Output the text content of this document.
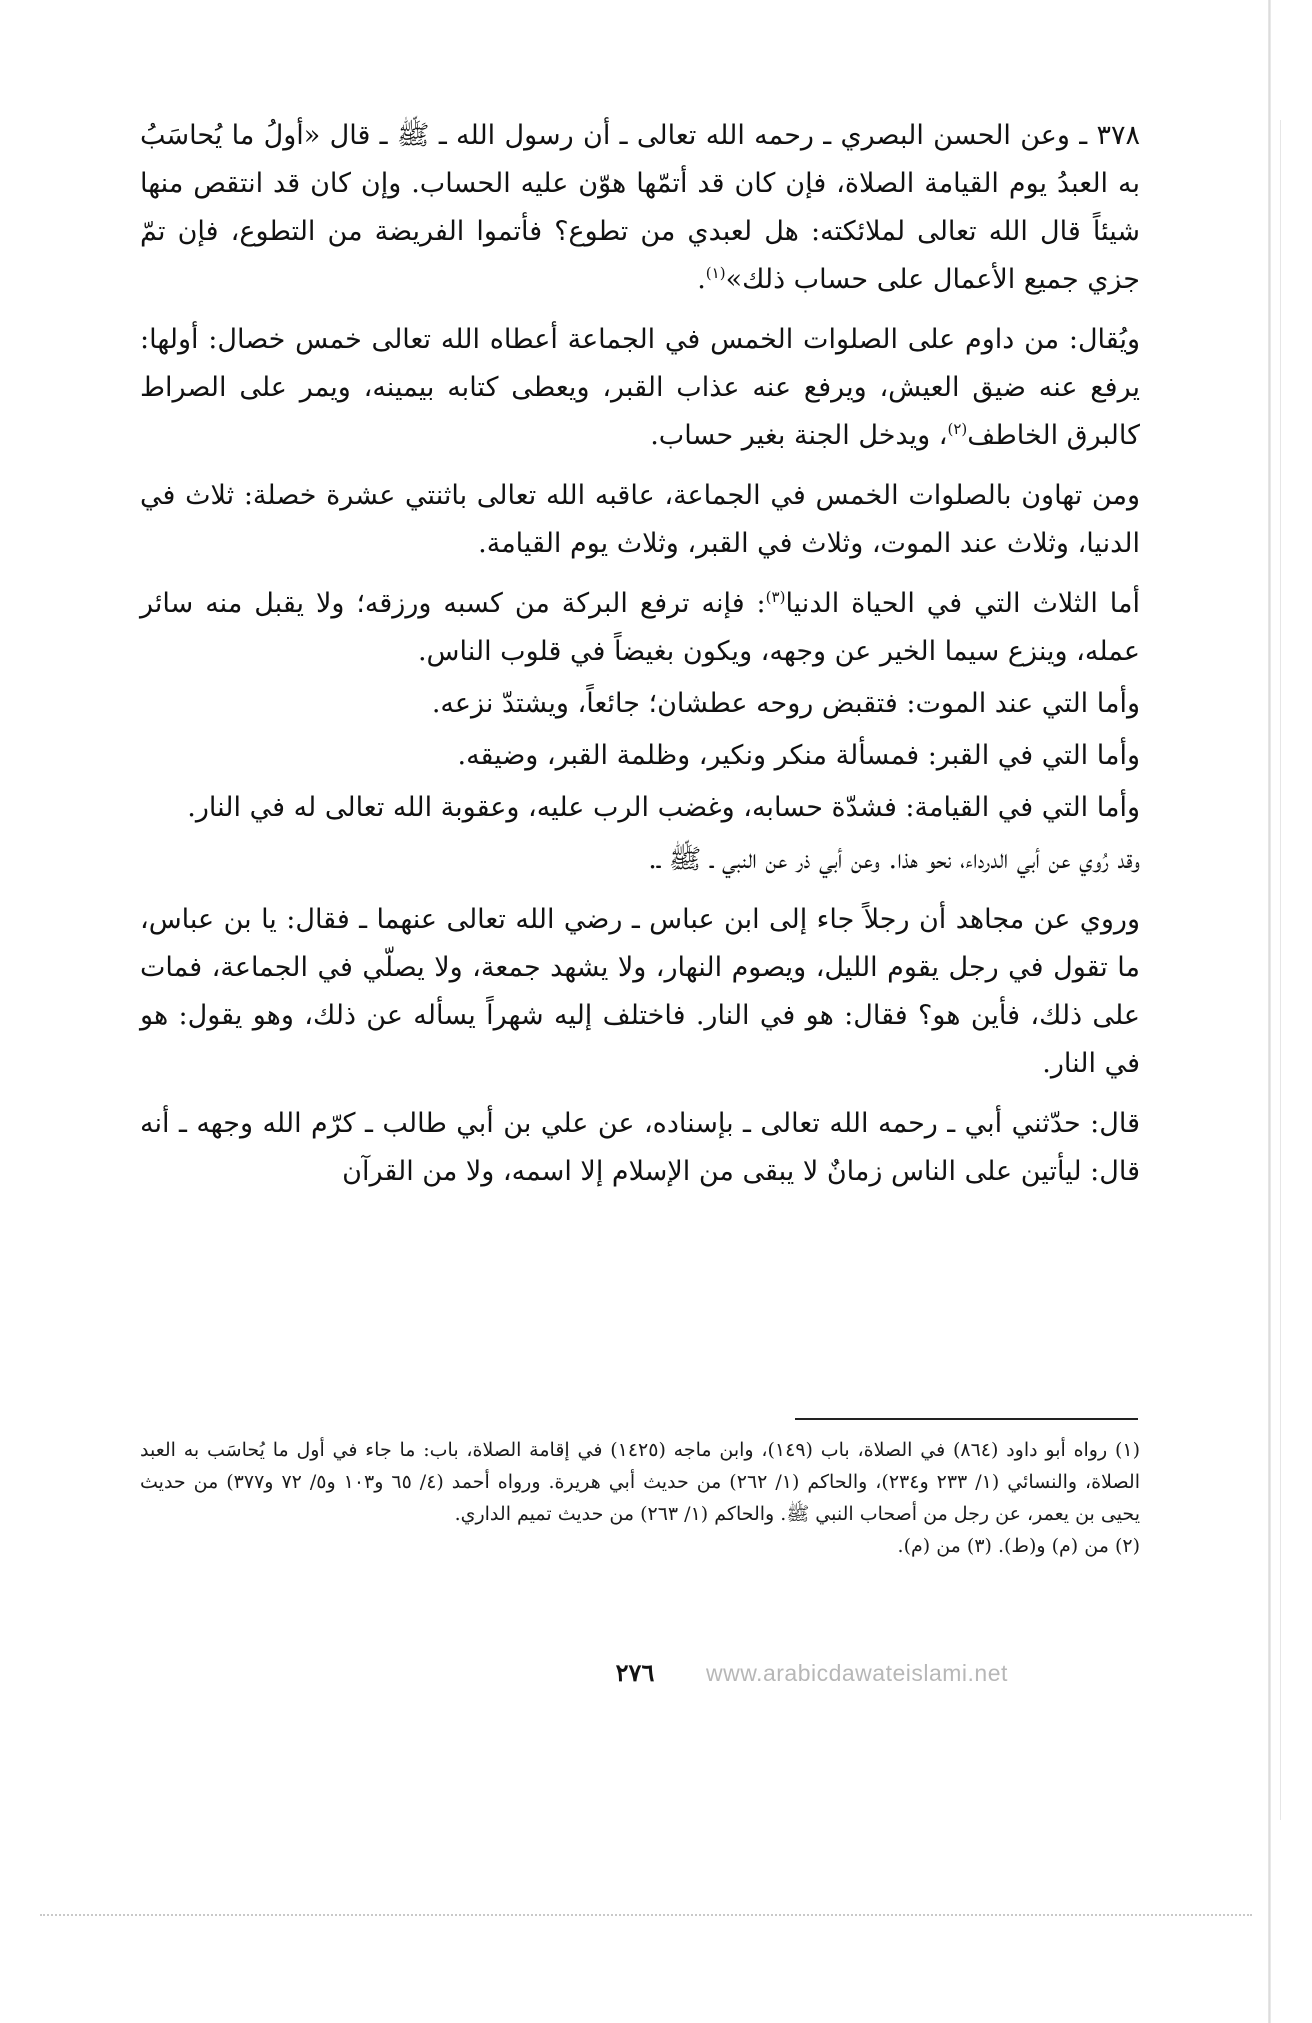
٣٧٨ ـ وعن الحسن البصري ـ رحمه الله تعالى ـ أن رسول الله ـ ﷺ ـ قال «أولُ ما يُحاسَبُ به العبدُ يوم القيامة الصلاة، فإن كان قد أتمّها هوّن عليه الحساب. وإن كان قد انتقص منها شيئاً قال الله تعالى لملائكته: هل لعبدي من تطوع؟ فأتموا الفريضة من التطوع، فإن تمّ جزي جميع الأعمال على حساب ذلك»$^{(١)}$.

ويُقال: من داوم على الصلوات الخمس في الجماعة أعطاه الله تعالى خمس خصال: أولها: يرفع عنه ضيق العيش، ويرفع عنه عذاب القبر، ويعطى كتابه بيمينه، ويمر على الصراط كالبرق الخاطف$^{(٢)}$، ويدخل الجنة بغير حساب.

ومن تهاون بالصلوات الخمس في الجماعة، عاقبه الله تعالى باثنتي عشرة خصلة: ثلاث في الدنيا، وثلاث عند الموت، وثلاث في القبر، وثلاث يوم القيامة.

أما الثلاث التي في الحياة الدنيا$^{(٣)}$: فإنه ترفع البركة من كسبه ورزقه؛ ولا يقبل منه سائر عمله، وينزع سيما الخير عن وجهه، ويكون بغيضاً في قلوب الناس.

وأما التي عند الموت: فتقبض روحه عطشان؛ جائعاً، ويشتدّ نزعه.

وأما التي في القبر: فمسألة منكر ونكير، وظلمة القبر، وضيقه.

وأما التي في القيامة: فشدّة حسابه، وغضب الرب عليه، وعقوبة الله تعالى له في النار.

وقد رُوي عن أبي الدرداء، نحو هذا. وعن أبي ذر عن النبي ـ ﷺ ـ.

وروي عن مجاهد أن رجلاً جاء إلى ابن عباس ـ رضي الله تعالى عنهما ـ فقال: يا بن عباس، ما تقول في رجل يقوم الليل، ويصوم النهار، ولا يشهد جمعة، ولا يصلّي في الجماعة، فمات على ذلك، فأين هو؟ فقال: هو في النار. فاختلف إليه شهراً يسأله عن ذلك، وهو يقول: هو في النار.

قال: حدّثني أبي ـ رحمه الله تعالى ـ بإسناده، عن علي بن أبي طالب ـ كرّم الله وجهه ـ أنه قال: ليأتين على الناس زمانٌ لا يبقى من الإسلام إلا اسمه، ولا من القرآن

(١) رواه أبو داود (٨٦٤) في الصلاة، باب (١٤٩)، وابن ماجه (١٤٢٥) في إقامة الصلاة، باب: ما جاء في أول ما يُحاسَب به العبد الصلاة، والنسائي (١/ ٢٣٣ و٢٣٤)، والحاكم (١/ ٢٦٢) من حديث أبي هريرة. ورواه أحمد (٤/ ٦٥ و١٠٣ و٥/ ٧٢ و٣٧٧) من حديث يحيى بن يعمر، عن رجل من أصحاب النبي ﷺ. والحاكم (١/ ٢٦٣) من حديث تميم الداري.

(٢) من (م) و(ط). (٣) من (م).

٢٧٦	www.arabicdawateislami.net
